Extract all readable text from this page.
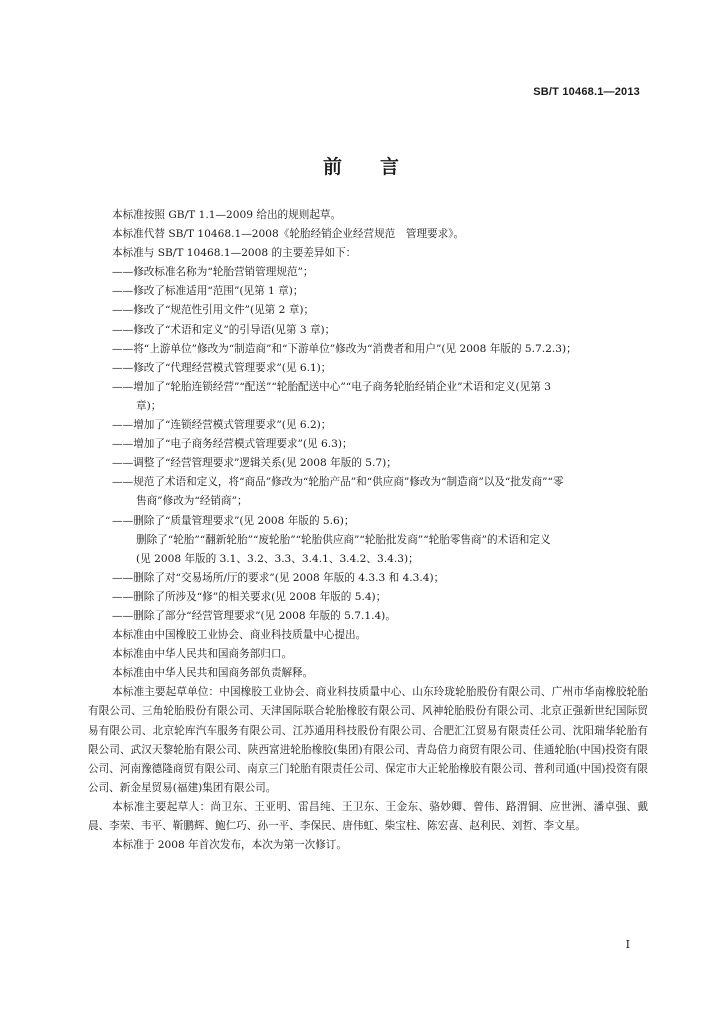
SB/T 10468.1—2013
前 言
本标准按照 GB/T 1.1—2009 给出的规则起草。
本标准代替 SB/T 10468.1—2008《轮胎经销企业经营规范　管理要求》。
本标准与 SB/T 10468.1—2008 的主要差异如下：
——修改标准名称为“轮胎营销管理规范”；
——修改了标准适用“范围”(见第 1 章)；
——修改了“规范性引用文件”(见第 2 章)；
——修改了“术语和定义”的引导语(见第 3 章)；
——将“上游单位”修改为“制造商”和“下游单位”修改为“消费者和用户”(见 2008 年版的 5.7.2.3)；
——修改了“代理经营模式管理要求”(见 6.1)；
——增加了“轮胎连锁经营”“配送”“轮胎配送中心”“电子商务轮胎经销企业”术语和定义(见第 3
章)；
——增加了“连锁经营模式管理要求”(见 6.2)；
——增加了“电子商务经营模式管理要求”(见 6.3)；
——调整了“经营管理要求”逻辑关系(见 2008 年版的 5.7)；
——规范了术语和定义，将“商品”修改为“轮胎产品”和“供应商”修改为“制造商”以及“批发商”“零
售商”修改为“经销商”；
——删除了“质量管理要求”(见 2008 年版的 5.6)；
删除了“轮胎”“翻新轮胎”“废轮胎”“轮胎供应商”“轮胎批发商”“轮胎零售商”的术语和定义
(见 2008 年版的 3.1、3.2、3.3、3.4.1、3.4.2、3.4.3)；
——删除了对“交易场所/厅的要求”(见 2008 年版的 4.3.3 和 4.3.4)；
——删除了所涉及“修”的相关要求(见 2008 年版的 5.4)；
——删除了部分“经营管理要求”(见 2008 年版的 5.7.1.4)。
本标准由中国橡胶工业协会、商业科技质量中心提出。
本标准由中华人民共和国商务部归口。
本标准由中华人民共和国商务部负责解释。
本标准主要起草单位：中国橡胶工业协会、商业科技质量中心、山东玲珑轮胎股份有限公司、广州市华南橡胶轮胎有限公司、三角轮胎股份有限公司、天津国际联合轮胎橡胶有限公司、风神轮胎股份有限公司、北京正强新世纪国际贸易有限公司、北京轮库汽车服务有限公司、江苏通用科技股份有限公司、合肥汇江贸易有限责任公司、沈阳瑞华轮胎有限公司、武汉天黎轮胎有限公司、陕西富进轮胎橡胶(集团)有限公司、青岛倍力商贸有限公司、佳通轮胎(中国)投资有限公司、河南豫德隆商贸有限公司、南京三门轮胎有限责任公司、保定市大正轮胎橡胶有限公司、普利司通(中国)投资有限公司、新金星贸易(福建)集团有限公司。
本标准主要起草人：尚卫东、王亚明、雷昌纯、王卫东、王金东、骆妙卿、曾伟、路渭铜、应世洲、潘卓强、戴晨、李荣、韦平、靳鹏辉、鲍仁巧、孙一平、李保民、唐伟虹、柴宝柱、陈宏喜、赵利民、刘哲、李文星。
本标准于 2008 年首次发布，本次为第一次修订。
I
